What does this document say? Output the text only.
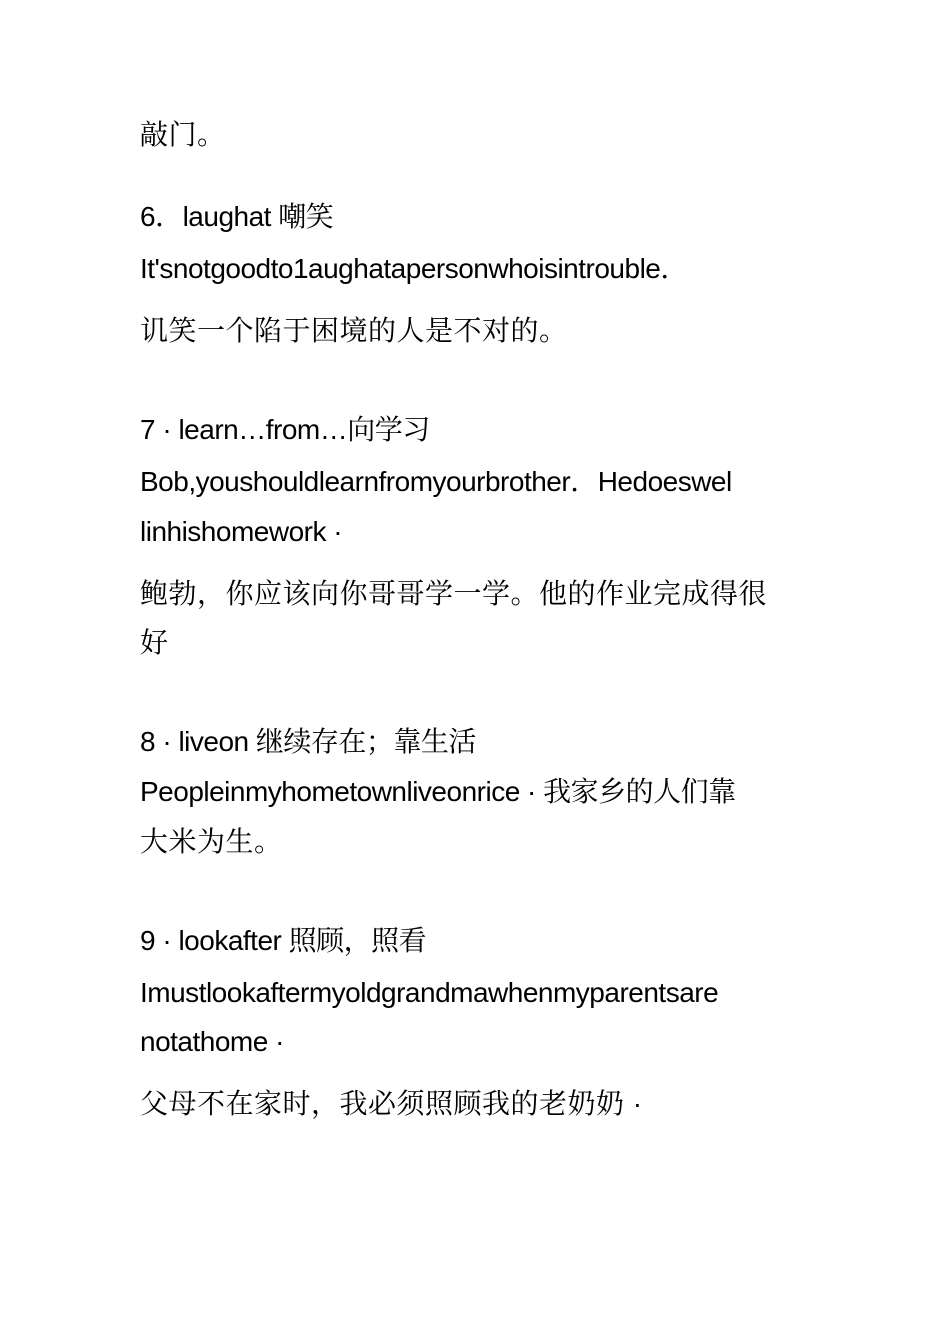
敲门。
6．laughat 嘲笑
It'snotgoodto1aughatapersonwhoisintrouble．
讥笑一个陷于困境的人是不对的。
7 · learn…from…向学习
Bob,youshouldlearnfromyourbrother．Hedoeswel
linhishomework ·
鲍勃，你应该向你哥哥学一学。他的作业完成得很
好
8 · liveon 继续存在；靠生活
Peopleinmyhometownliveonrice · 我家乡的人们靠
大米为生。
9 · lookafter 照顾，照看
Imustlookaftermyoldgrandmawhenmyparentsare
notathome ·
父母不在家时，我必须照顾我的老奶奶 ·
